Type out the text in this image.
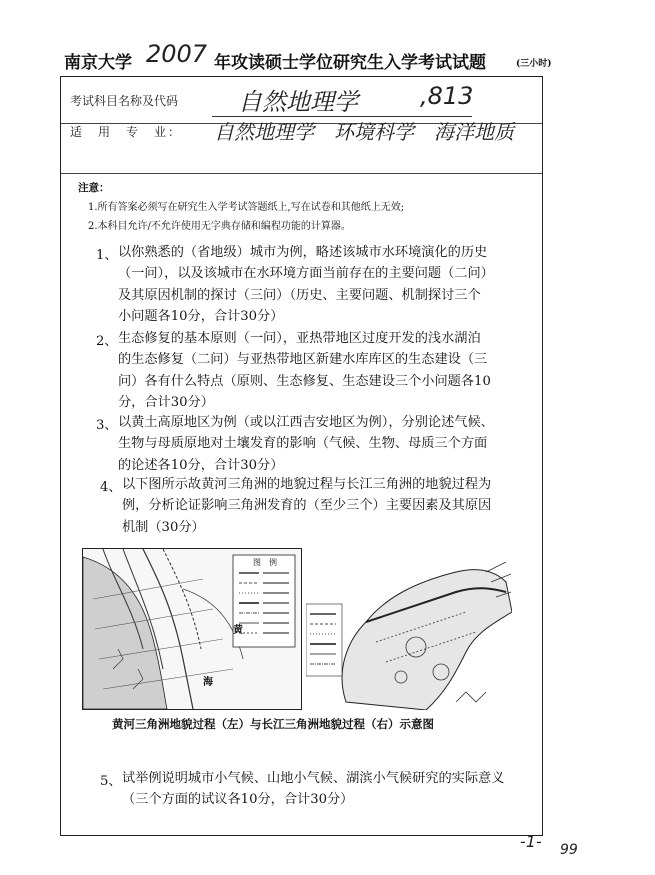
南京大学 2007 年攻读硕士学位研究生入学考试试题	(三小时)
考试科目名称及代码 自然地理学	,813
适　用　专　业： 自然地理学　环境科学　海洋地质
注意：
1.所有答案必须写在研究生入学考试答题纸上,写在试卷和其他纸上无效;
2.本科目允许/不允许使用无字典存储和编程功能的计算器。
1、 以你熟悉的（省地级）城市为例，略述该城市水环境演化的历史
（一问），以及该城市在水环境方面当前存在的主要问题（二问）
及其原因机制的探讨（三问）（历史、主要问题、机制探讨三个
小问题各10分，合计30分）
2、 生态修复的基本原则（一问），亚热带地区过度开发的浅水湖泊
的生态修复（二问）与亚热带地区新建水库库区的生态建设（三
问）各有什么特点（原则、生态修复、生态建设三个小问题各10
分，合计30分）
3、 以黄土高原地区为例（或以江西吉安地区为例），分别论述气候、
生物与母质原地对土壤发育的影响（气候、生物、母质三个方面
的论述各10分，合计30分）
4、 以下图所示故黄河三角洲的地貌过程与长江三角洲的地貌过程为
例，分析论证影响三角洲发育的（至少三个）主要因素及其原因
机制（30分）
图　例
黄
海
黄河三角洲地貌过程（左）与长江三角洲地貌过程（右）示意图
5、 试举例说明城市小气候、山地小气候、湖滨小气候研究的实际意义
（三个方面的试议各10分，合计30分）
-1- 99
